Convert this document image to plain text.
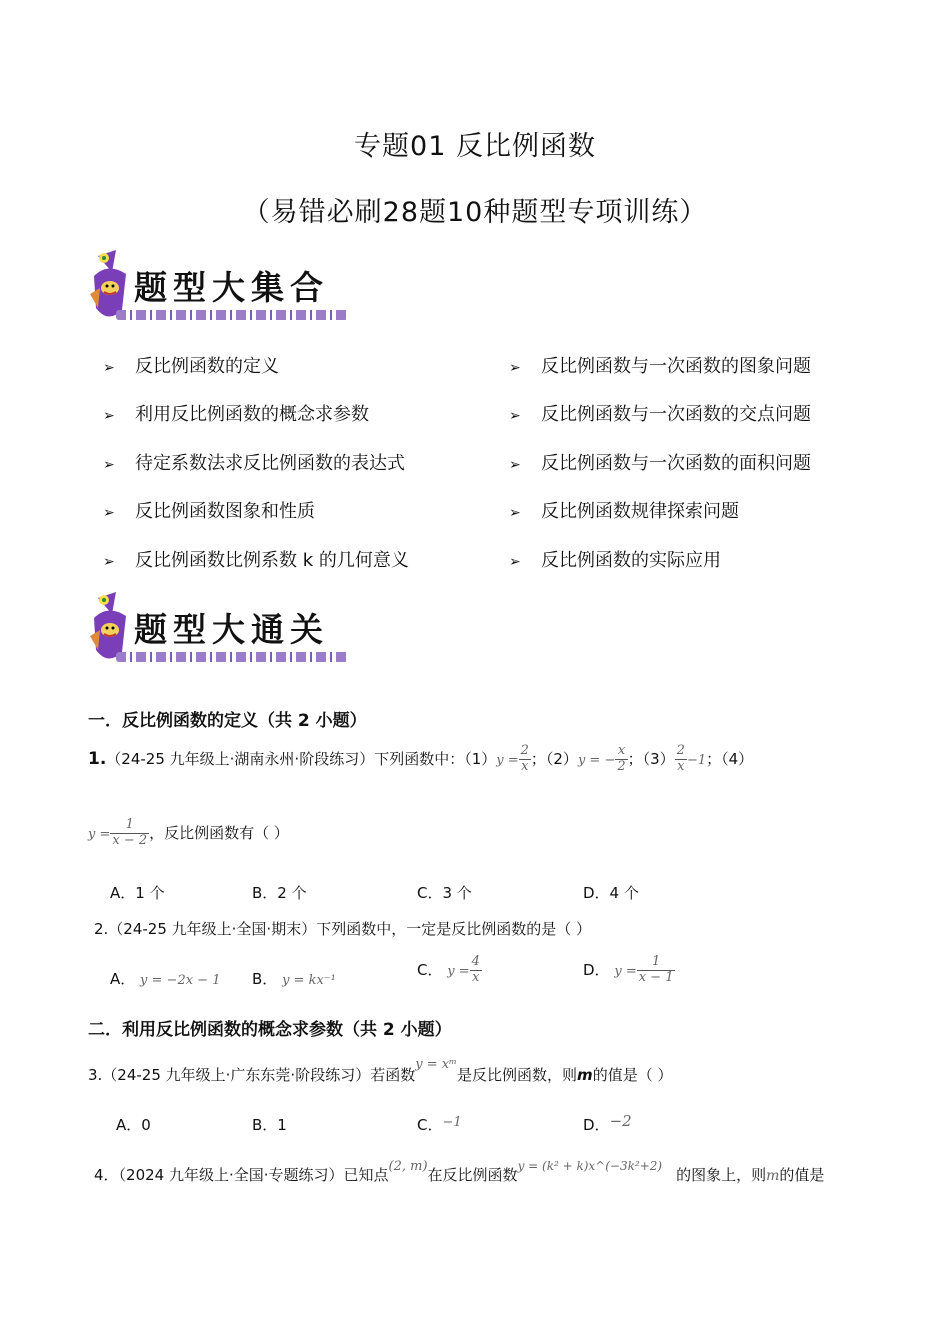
专题01 反比例函数
（易错必刷28题10种题型专项训练）
题型大集合
➢ 反比例函数的定义
➢ 利用反比例函数的概念求参数
➢ 待定系数法求反比例函数的表达式
➢ 反比例函数图象和性质
➢ 反比例函数比例系数 k 的几何意义
➢ 反比例函数与一次函数的图象问题
➢ 反比例函数与一次函数的交点问题
➢ 反比例函数与一次函数的面积问题
➢ 反比例函数规律探索问题
➢ 反比例函数的实际应用
题型大通关
一．反比例函数的定义（共 2 小题）
1.（24-25 九年级上·湖南永州·阶段练习）下列函数中：$(1)y = \frac{2}{x}$ ；（2）y = − $\frac{x}{2}$ ；$(3) \frac{2}{x} -1$；（4）
$y = \frac{1}{x - 2}$ ，反比例函数有（ ）
A．1 个	B．2 个	C．3 个	D．4 个
2.（24-25 九年级上·全国·期末）下列函数中，一定是反比例函数的是（ ）
A． y = −2x − 1 B． y = kx⁻¹
C． $y = \frac{4}{x}$	D． $y = \frac{1}{x - 1}$
二．利用反比例函数的概念求参数（共 2 小题）
3.（24-25 九年级上·广东东莞·阶段练习）若函数y = xᵐ是反比例函数，则m的值是（ ）
A．0	B．1	C．−1	D．−2
4．（2024 九年级上·全国·专题练习）已知点(2, m)在反比例函数$^{y = (k^2 + k)x\^{}(-3k^2+2)}$ 的图象上，则m的值是
